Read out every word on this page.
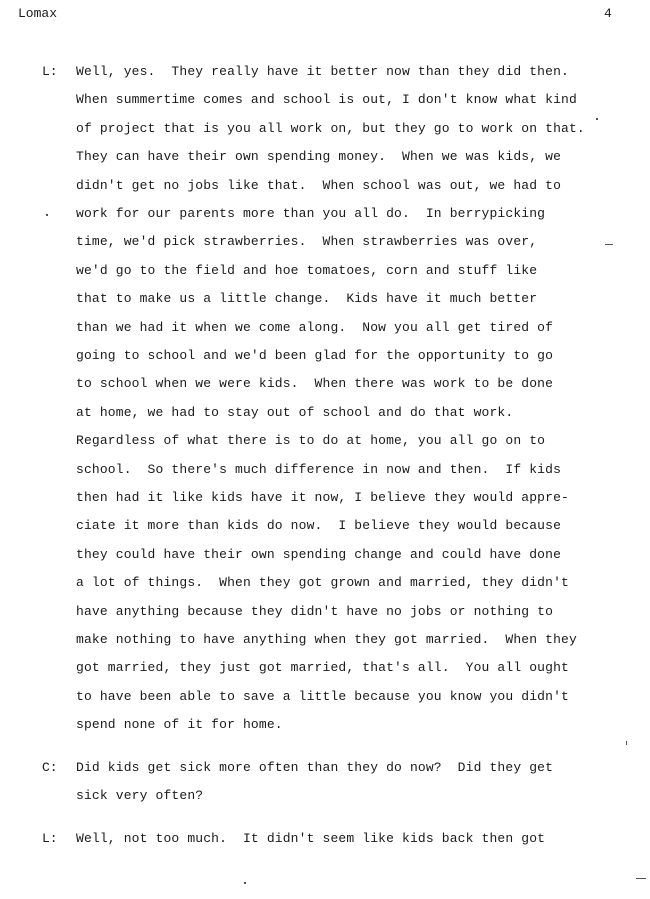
Lomax	4
L: Well, yes.  They really have it better now than they did then.
When summertime comes and school is out, I don't know what kind
of project that is you all work on, but they go to work on that.
They can have their own spending money.  When we was kids, we
didn't get no jobs like that.  When school was out, we had to
work for our parents more than you all do.  In berrypicking
time, we'd pick strawberries.  When strawberries was over,
we'd go to the field and hoe tomatoes, corn and stuff like
that to make us a little change.  Kids have it much better
than we had it when we come along.  Now you all get tired of
going to school and we'd been glad for the opportunity to go
to school when we were kids.  When there was work to be done
at home, we had to stay out of school and do that work.
Regardless of what there is to do at home, you all go on to
school.  So there's much difference in now and then.  If kids
then had it like kids have it now, I believe they would appre-
ciate it more than kids do now.  I believe they would because
they could have their own spending change and could have done
a lot of things.  When they got grown and married, they didn't
have anything because they didn't have no jobs or nothing to
make nothing to have anything when they got married.  When they
got married, they just got married, that's all.  You all ought
to have been able to save a little because you know you didn't
spend none of it for home.
C: Did kids get sick more often than they do now?  Did they get
sick very often?
L: Well, not too much.  It didn't seem like kids back then got
